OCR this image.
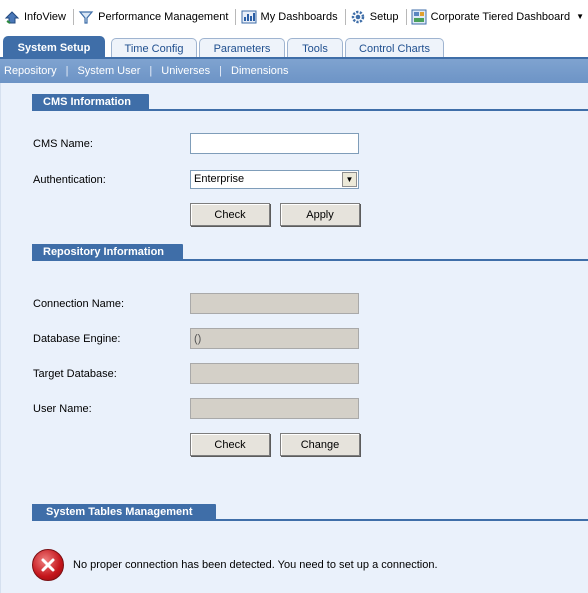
InfoView	Performance Management	My Dashboards	Setup	Corporate Tiered Dashboard ▼
System Setup	Time Config	Parameters	Tools	Control Charts
Repository | System User | Universes | Dimensions
CMS Information
CMS Name:
Authentication:	Enterprise	▼
Check	Apply
Repository Information
Connection Name:
Database Engine:
()
Target Database:
User Name:
Check	Change
System Tables Management
No proper connection has been detected. You need to set up a connection.
